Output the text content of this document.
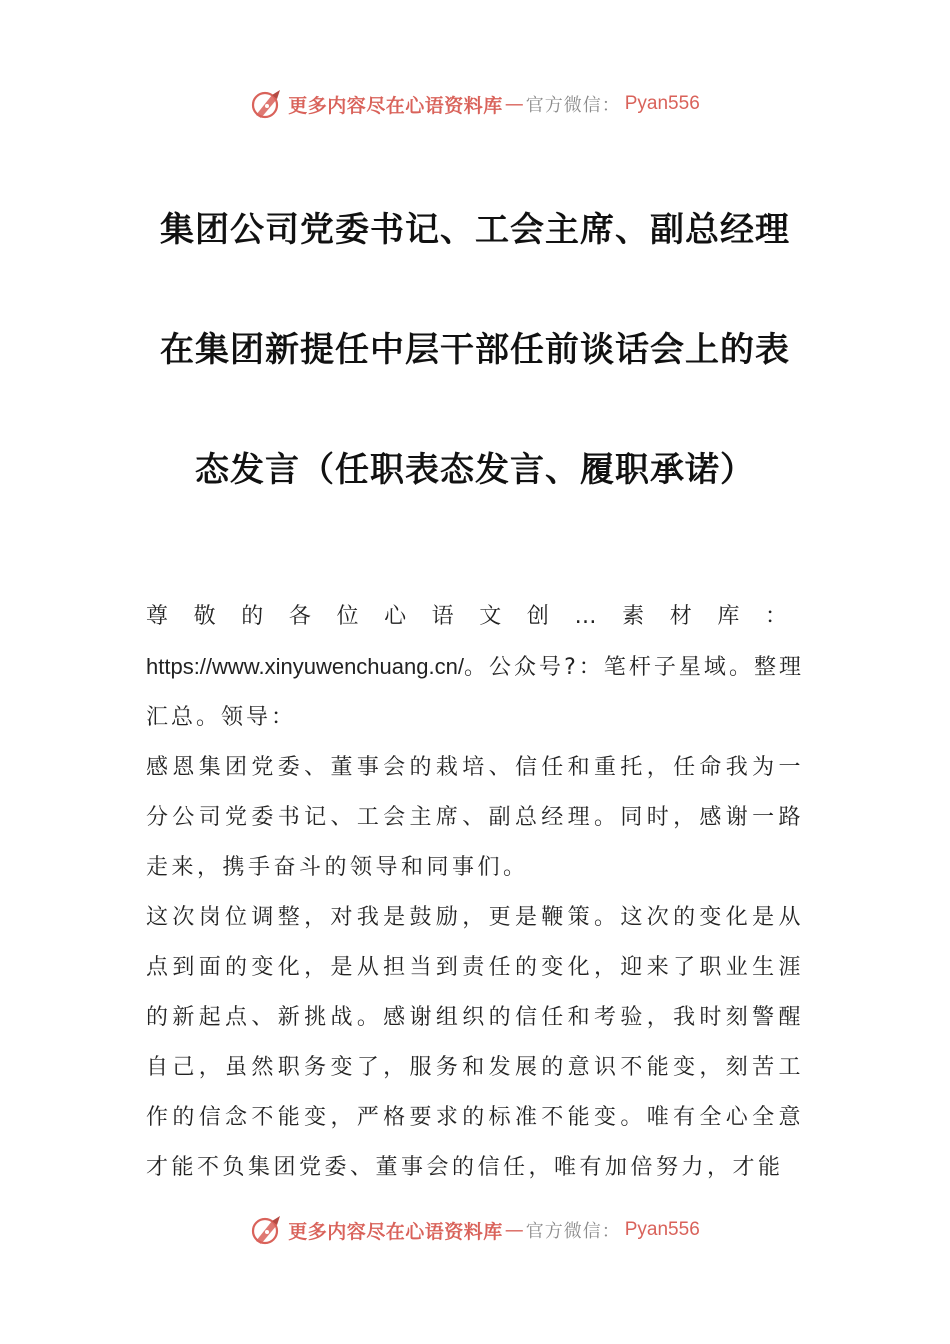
更多内容尽在心语资料库 — 官方微信： Pyan556
集团公司党委书记、工会主席、副总经理
在集团新提任中层干部任前谈话会上的表
态发言（任职表态发言、履职承诺）

尊敬的各位心语文创…素材库：https://www.xinyuwenchuang.cn/。公众号?：笔杆子星域。整理汇总。领导：

感恩集团党委、董事会的栽培、信任和重托，任命我为一分公司党委书记、工会主席、副总经理。同时，感谢一路走来，携手奋斗的领导和同事们。

这次岗位调整，对我是鼓励，更是鞭策。这次的变化是从点到面的变化，是从担当到责任的变化，迎来了职业生涯的新起点、新挑战。感谢组织的信任和考验，我时刻警醒自己，虽然职务变了，服务和发展的意识不能变，刻苦工作的信念不能变，严格要求的标准不能变。唯有全心全意才能不负集团党委、董事会的信任，唯有加倍努力，才能

更多内容尽在心语资料库 — 官方微信： Pyan556
